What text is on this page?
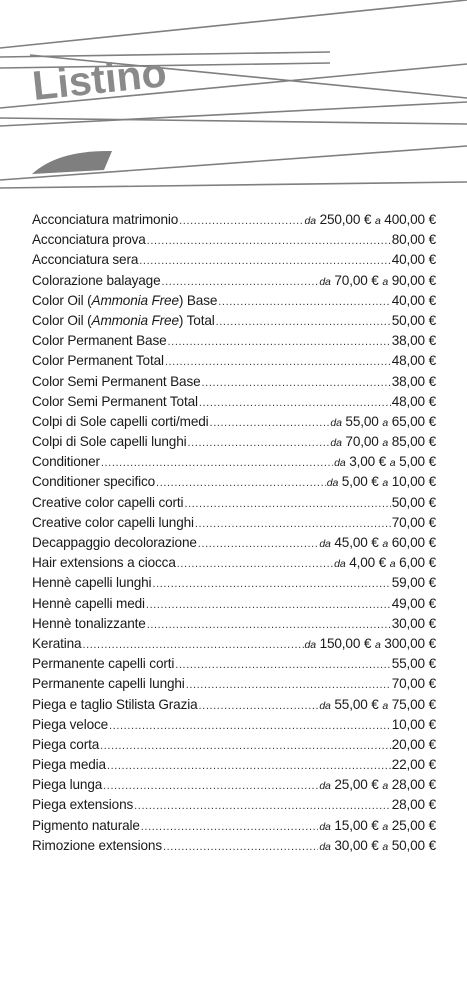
Listino
Acconciatura matrimonio .....	da 250,00 € a 400,00 €
Acconciatura prova .....	80,00 €
Acconciatura sera .....	40,00 €
Colorazione balayage .....	da 70,00 € a 90,00 €
Color Oil (Ammonia Free) Base .....	40,00 €
Color Oil (Ammonia Free) Total .....	50,00 €
Color Permanent Base .....	38,00 €
Color Permanent Total .....	48,00 €
Color Semi Permanent Base .....	38,00 €
Color Semi Permanent Total .....	48,00 €
Colpi di Sole capelli corti/medi .....	da 55,00 a 65,00 €
Colpi di Sole capelli lunghi .....	da 70,00 a 85,00 €
Conditioner .....	da 3,00 € a 5,00 €
Conditioner specifico .....	da 5,00 € a 10,00 €
Creative color capelli corti .....	50,00 €
Creative color capelli lunghi .....	70,00 €
Decappaggio decolorazione .....	da 45,00 € a 60,00 €
Hair extensions a ciocca .....	da 4,00 € a 6,00 €
Hennè capelli lunghi .....	59,00 €
Hennè capelli medi .....	49,00 €
Hennè tonalizzante .....	30,00 €
Keratina .....	da 150,00 € a 300,00 €
Permanente capelli corti .....	55,00 €
Permanente capelli lunghi .....	70,00 €
Piega e taglio Stilista Grazia .....	da 55,00 € a 75,00 €
Piega veloce .....	10,00 €
Piega corta .....	20,00 €
Piega media .....	22,00 €
Piega lunga .....	da 25,00 € a 28,00 €
Piega extensions .....	28,00 €
Pigmento naturale .....	da 15,00 € a 25,00 €
Rimozione extensions .....	da 30,00 € a 50,00 €
